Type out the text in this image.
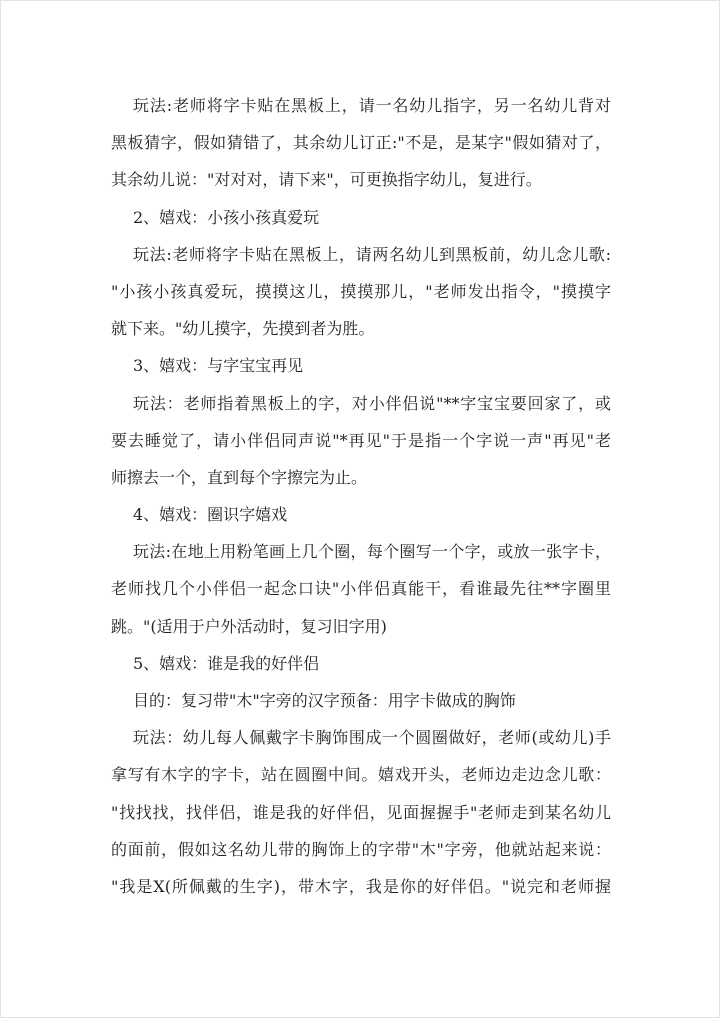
玩法:老师将字卡贴在黑板上，请一名幼儿指字，另一名幼儿背对
黑板猜字，假如猜错了，其余幼儿订正:"不是，是某字"假如猜对了，
其余幼儿说："对对对，请下来"，可更换指字幼儿，复进行。
2、嬉戏：小孩小孩真爱玩
玩法:老师将字卡贴在黑板上，请两名幼儿到黑板前，幼儿念儿歌:
"小孩小孩真爱玩，摸摸这儿，摸摸那儿，"老师发出指令，"摸摸字
就下来。"幼儿摸字，先摸到者为胜。
3、嬉戏：与字宝宝再见
玩法：老师指着黑板上的字，对小伴侣说"**字宝宝要回家了，或
要去睡觉了，请小伴侣同声说"*再见"于是指一个字说一声"再见"老
师擦去一个，直到每个字擦完为止。
4、嬉戏：圈识字嬉戏
玩法:在地上用粉笔画上几个圈，每个圈写一个字，或放一张字卡，
老师找几个小伴侣一起念口诀"小伴侣真能干，看谁最先往**字圈里
跳。"(适用于户外活动时，复习旧字用)
5、嬉戏：谁是我的好伴侣
目的：复习带"木"字旁的汉字预备：用字卡做成的胸饰
玩法：幼儿每人佩戴字卡胸饰围成一个圆圈做好，老师(或幼儿)手
拿写有木字的字卡，站在圆圈中间。嬉戏开头，老师边走边念儿歌：
"找找找，找伴侣，谁是我的好伴侣，见面握握手"老师走到某名幼儿
的面前，假如这名幼儿带的胸饰上的字带"木"字旁，他就站起来说：
"我是X(所佩戴的生字)，带木字，我是你的好伴侣。"说完和老师握
